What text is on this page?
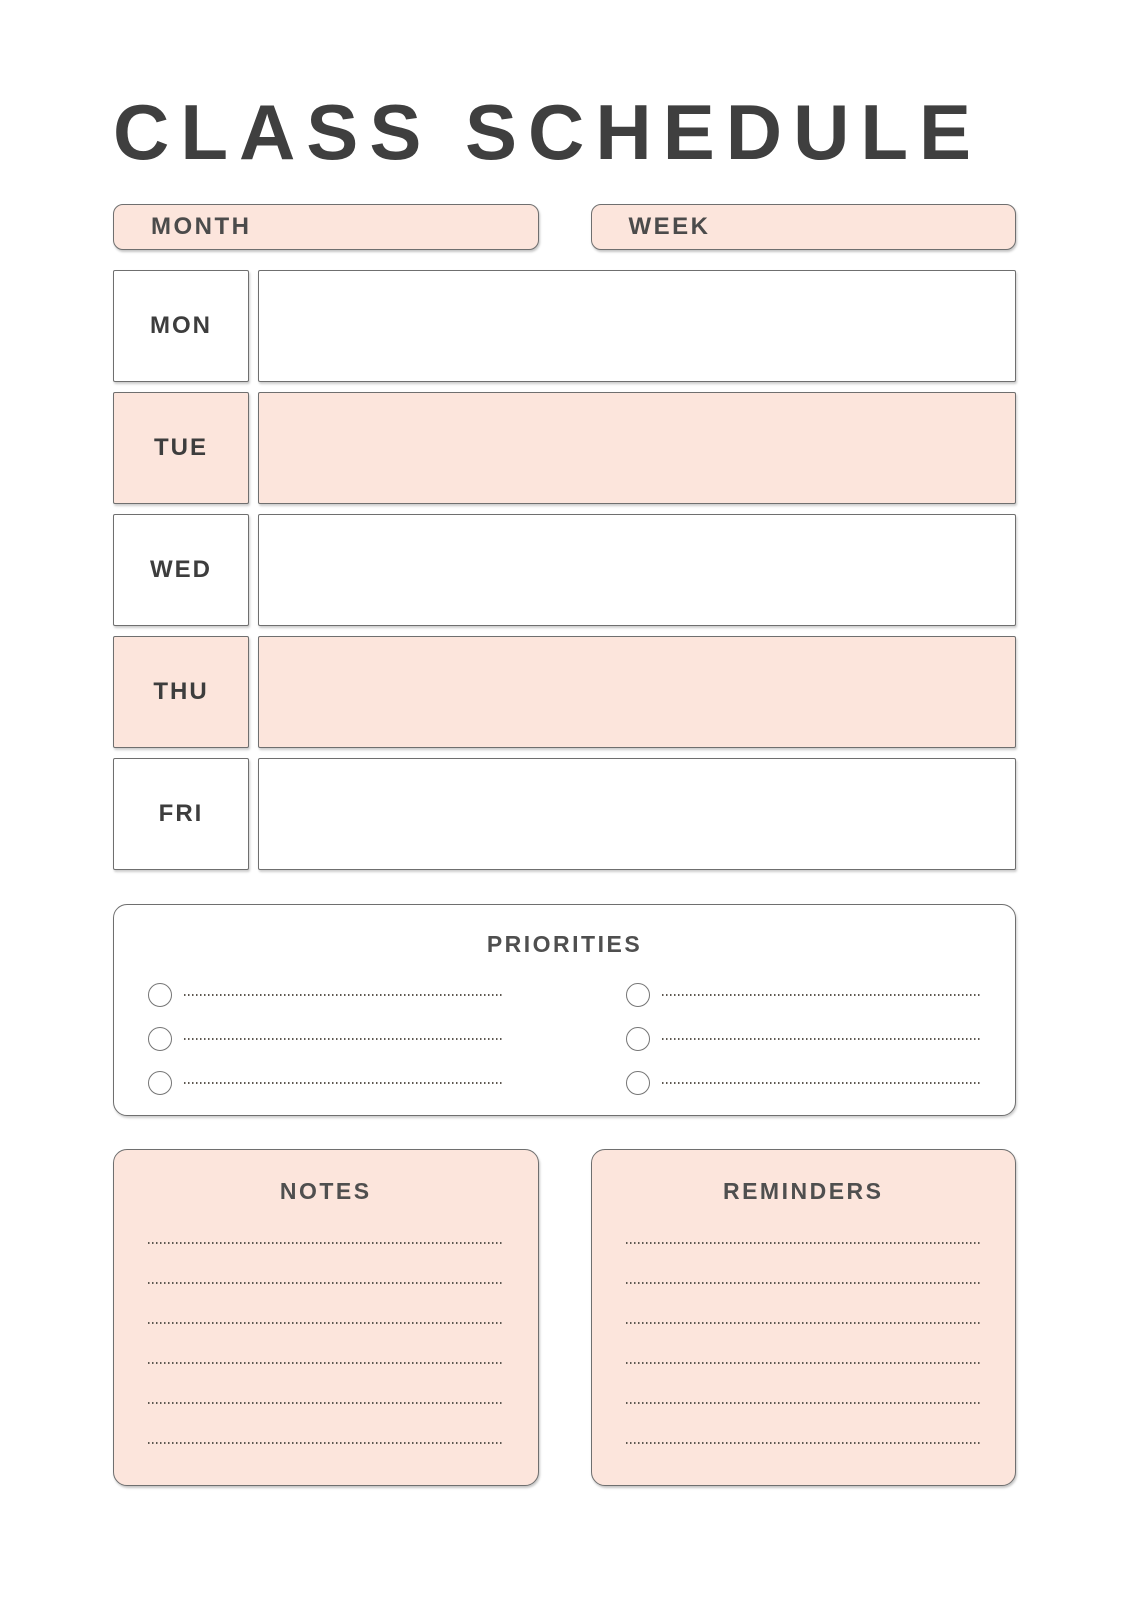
CLASS SCHEDULE
MONTH	WEEK
MON
TUE
WED
THU
FRI
PRIORITIES
NOTES	REMINDERS
